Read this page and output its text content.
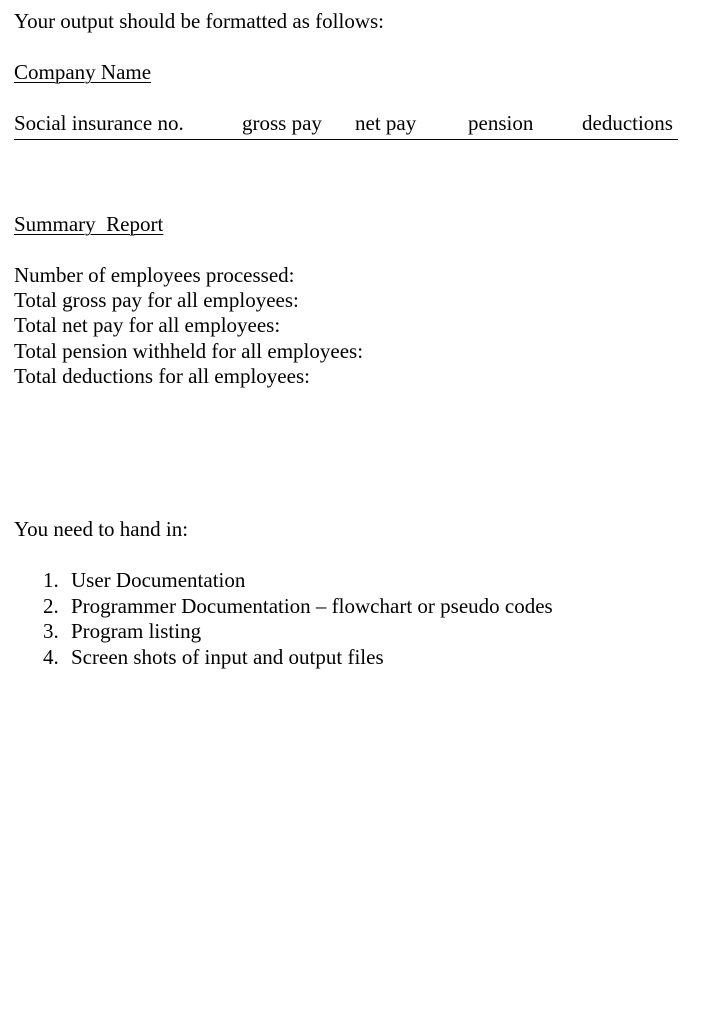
Your output should be formatted as follows:
Company Name
Social insurance no.	gross pay net pay pension deductions
Summary  Report
Number of employees processed:
Total gross pay for all employees:
Total net pay for all employees:
Total pension withheld for all employees:
Total deductions for all employees:
You need to hand in:
1. User Documentation
2. Programmer Documentation – flowchart or pseudo codes
3. Program listing
4. Screen shots of input and output files
